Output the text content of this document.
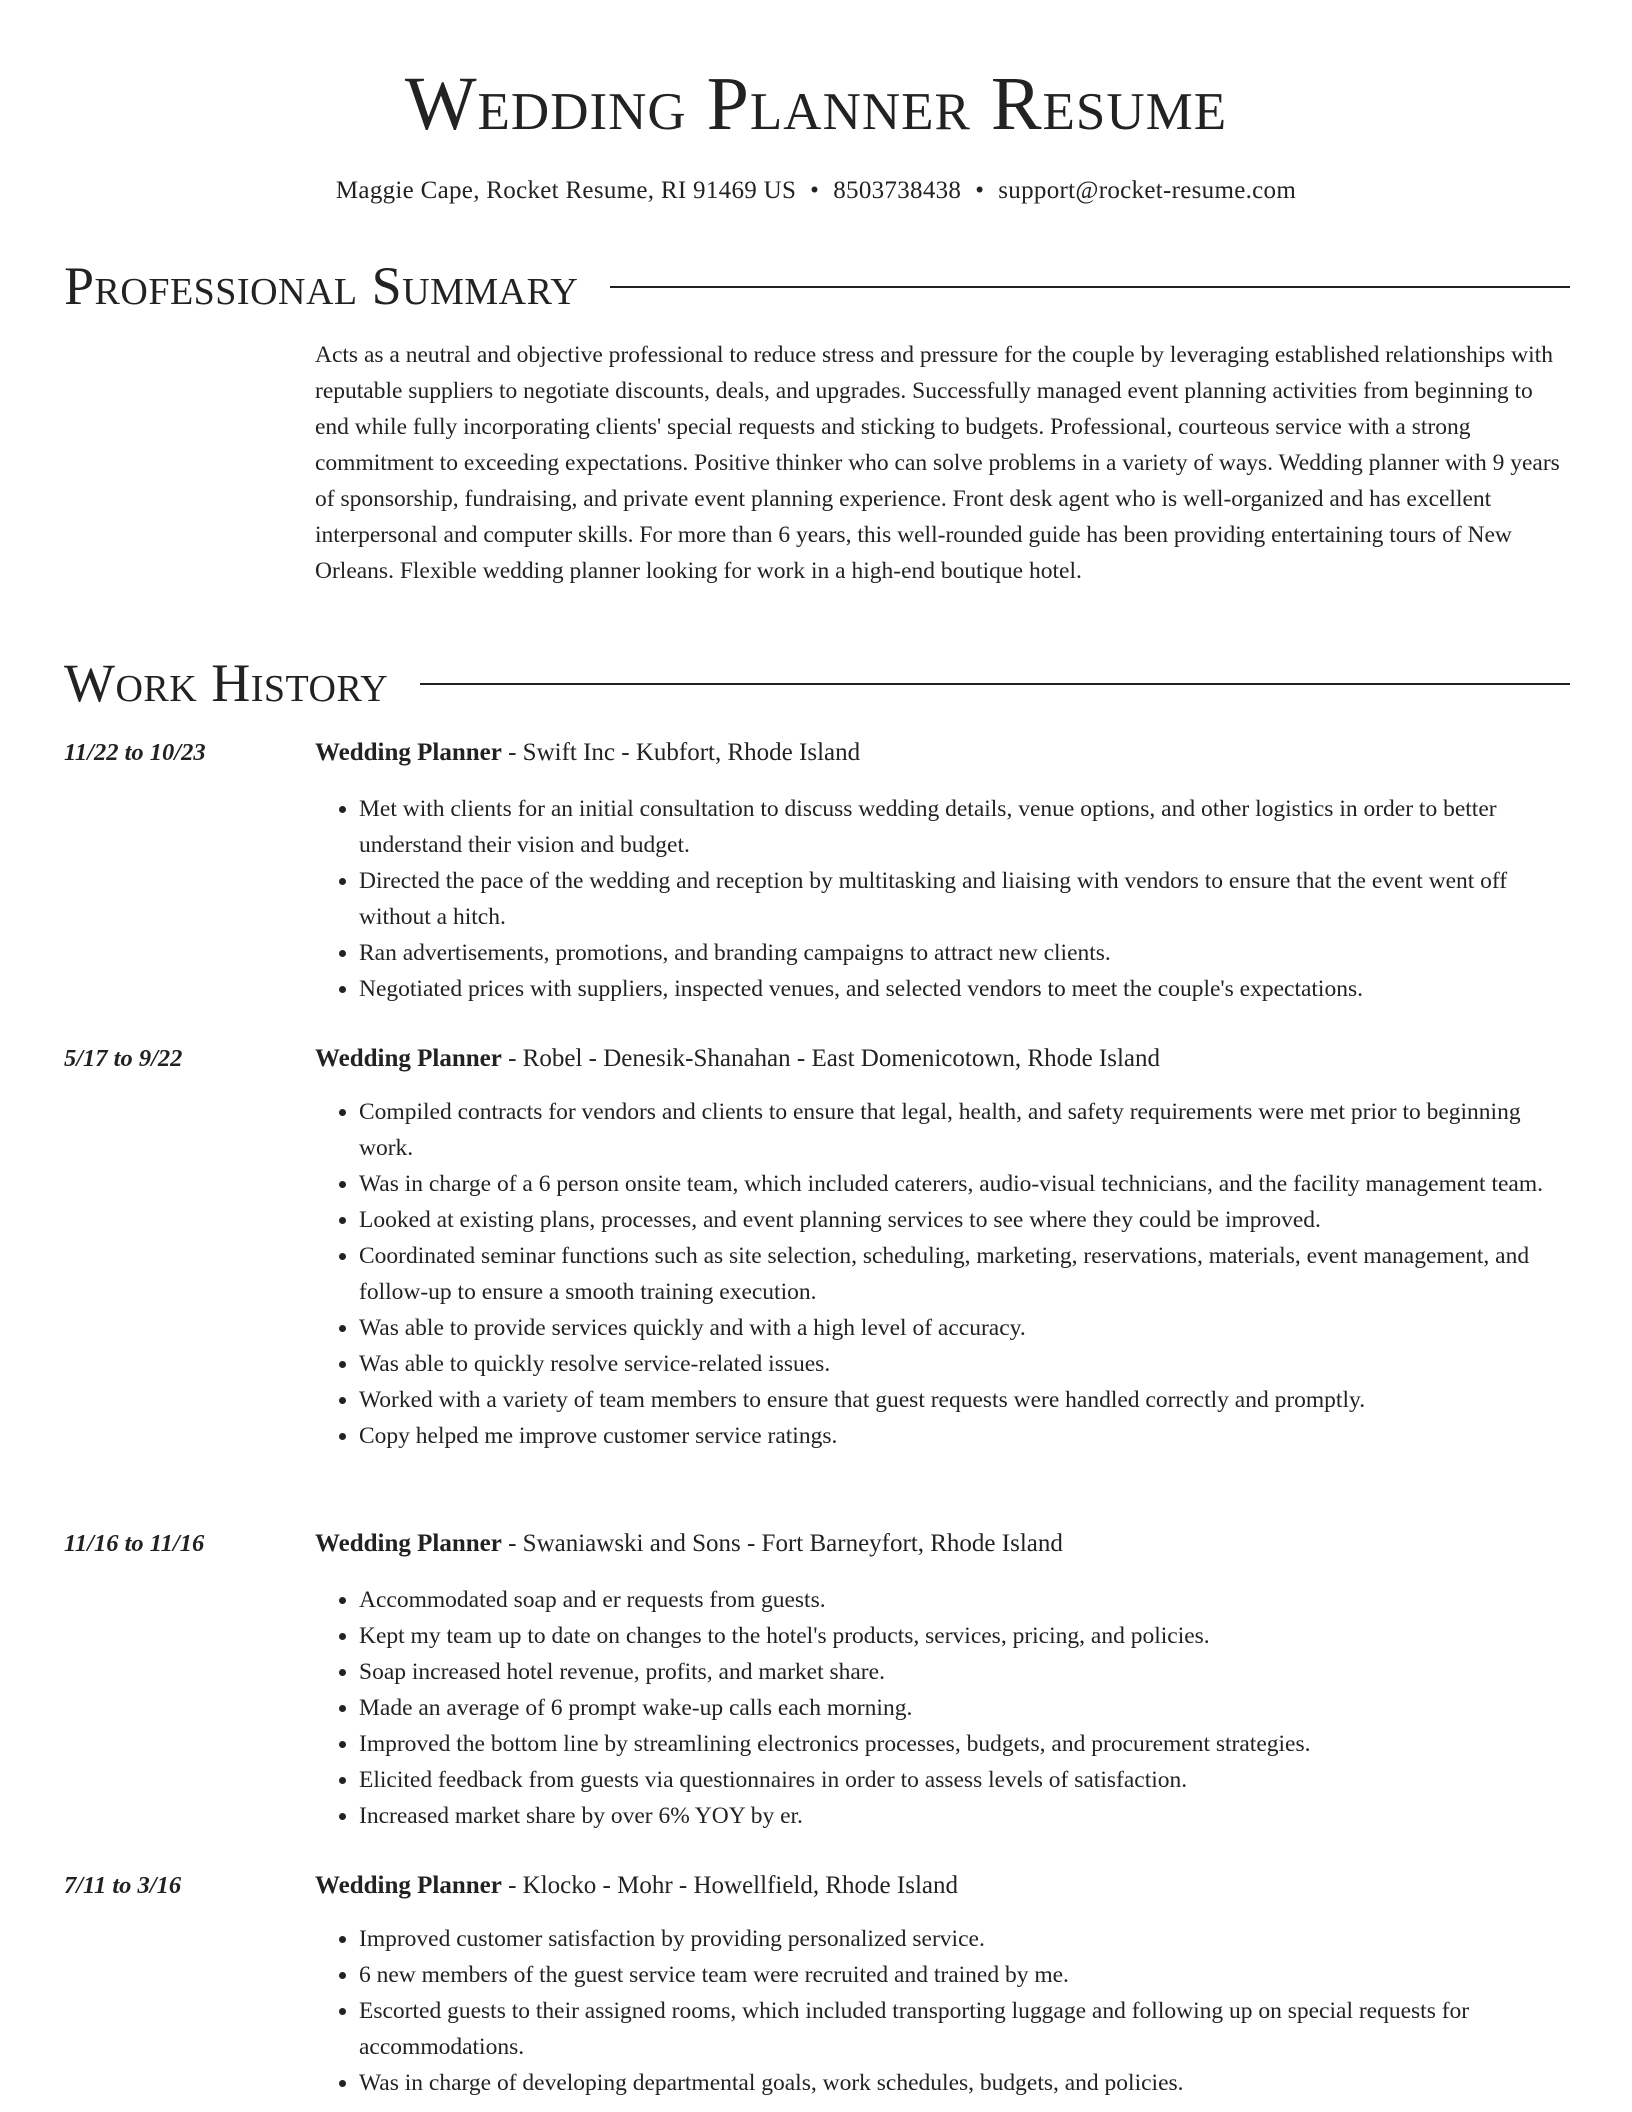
Wedding Planner Resume
Maggie Cape, Rocket Resume, RI 91469 US • 8503738438 • support@rocket-resume.com
Professional Summary

Acts as a neutral and objective professional to reduce stress and pressure for the couple by leveraging established relationships with reputable suppliers to negotiate discounts, deals, and upgrades. Successfully managed event planning activities from beginning to end while fully incorporating clients' special requests and sticking to budgets. Professional, courteous service with a strong commitment to exceeding expectations. Positive thinker who can solve problems in a variety of ways. Wedding planner with 9 years of sponsorship, fundraising, and private event planning experience. Front desk agent who is well-organized and has excellent interpersonal and computer skills. For more than 6 years, this well-rounded guide has been providing entertaining tours of New Orleans. Flexible wedding planner looking for work in a high-end boutique hotel.

Work History
11/22 to 10/23	Wedding Planner - Swift Inc - Kubfort, Rhode Island
• Met with clients for an initial consultation to discuss wedding details, venue options, and other logistics in order to better understand their vision and budget.
• Directed the pace of the wedding and reception by multitasking and liaising with vendors to ensure that the event went off without a hitch.
• Ran advertisements, promotions, and branding campaigns to attract new clients.
• Negotiated prices with suppliers, inspected venues, and selected vendors to meet the couple's expectations.
5/17 to 9/22	Wedding Planner - Robel - Denesik-Shanahan - East Domenicotown, Rhode Island
• Compiled contracts for vendors and clients to ensure that legal, health, and safety requirements were met prior to beginning work.
• Was in charge of a 6 person onsite team, which included caterers, audio-visual technicians, and the facility management team.
• Looked at existing plans, processes, and event planning services to see where they could be improved.
• Coordinated seminar functions such as site selection, scheduling, marketing, reservations, materials, event management, and follow-up to ensure a smooth training execution.
• Was able to provide services quickly and with a high level of accuracy.
• Was able to quickly resolve service-related issues.
• Worked with a variety of team members to ensure that guest requests were handled correctly and promptly.
• Copy helped me improve customer service ratings.
11/16 to 11/16	Wedding Planner - Swaniawski and Sons - Fort Barneyfort, Rhode Island
• Accommodated soap and er requests from guests.
• Kept my team up to date on changes to the hotel's products, services, pricing, and policies.
• Soap increased hotel revenue, profits, and market share.
• Made an average of 6 prompt wake-up calls each morning.
• Improved the bottom line by streamlining electronics processes, budgets, and procurement strategies.
• Elicited feedback from guests via questionnaires in order to assess levels of satisfaction.
• Increased market share by over 6% YOY by er.
7/11 to 3/16	Wedding Planner - Klocko - Mohr - Howellfield, Rhode Island
• Improved customer satisfaction by providing personalized service.
• 6 new members of the guest service team were recruited and trained by me.
• Escorted guests to their assigned rooms, which included transporting luggage and following up on special requests for accommodations.
• Was in charge of developing departmental goals, work schedules, budgets, and policies.
